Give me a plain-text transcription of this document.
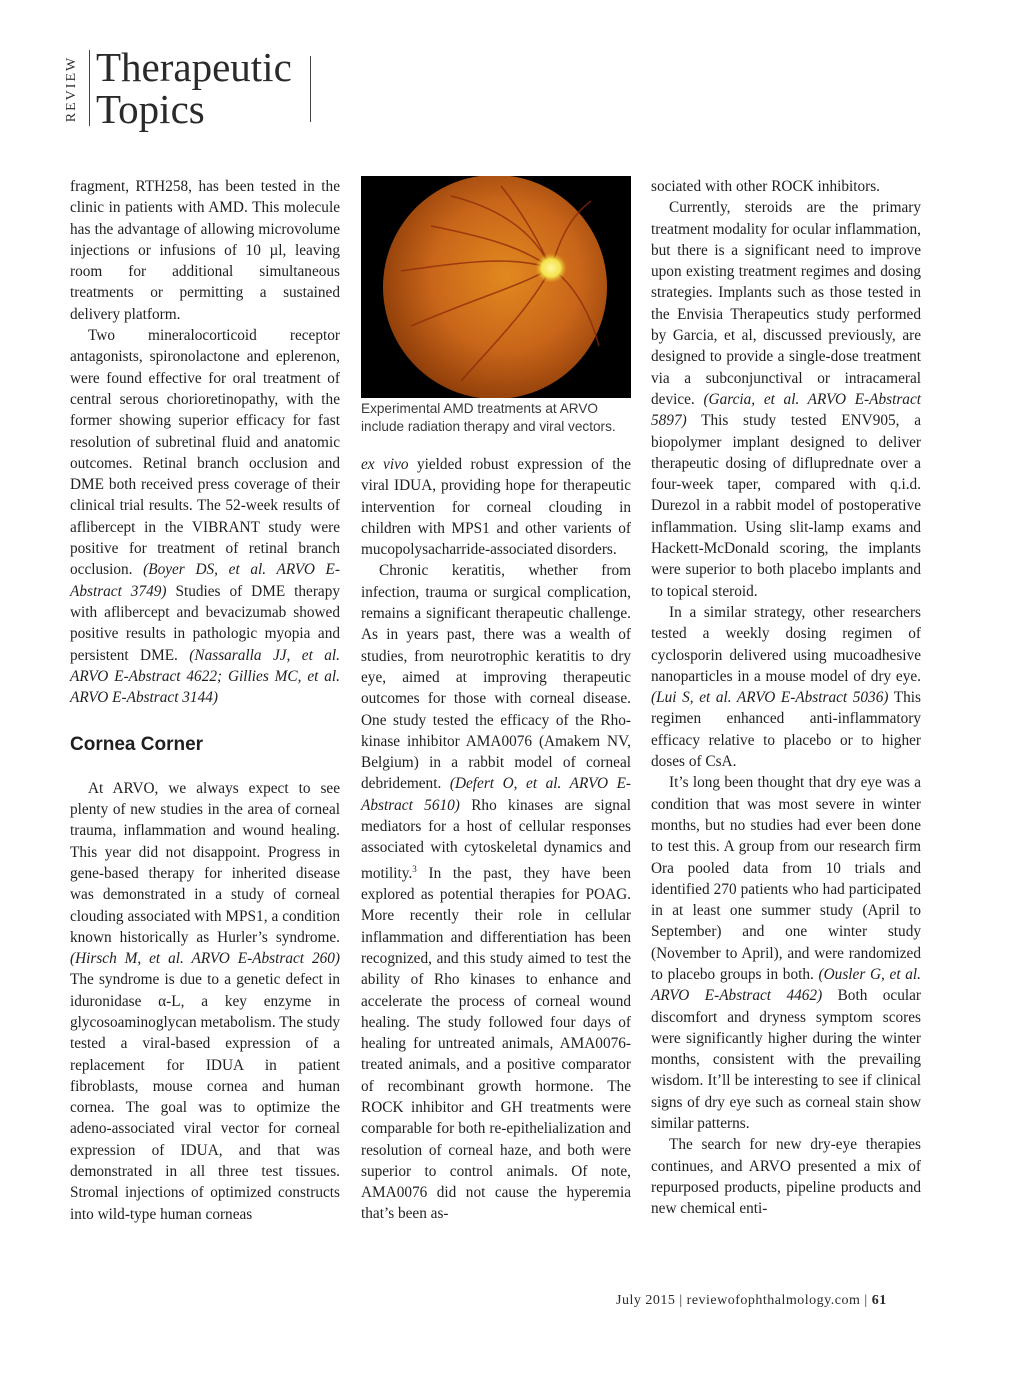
REVIEW Therapeutic
Topics

fragment, RTH258, has been tested in the clinic in patients with AMD. This molecule has the advantage of allowing microvolume injections or infusions of 10 µl, leaving room for additional simultaneous treatments or permitting a sustained delivery platform.

Two mineralocorticoid receptor antagonists, spironolactone and eplerenon, were found effective for oral treatment of central serous chorioretinopathy, with the former showing superior efficacy for fast resolution of subretinal fluid and anatomic outcomes. Retinal branch occlusion and DME both received press coverage of their clinical trial results. The 52-week results of aflibercept in the VIBRANT study were positive for treatment of retinal branch occlusion. (Boyer DS, et al. ARVO E-Abstract 3749) Studies of DME therapy with aflibercept and bevacizumab showed positive results in pathologic myopia and persistent DME. (Nassaralla JJ, et al. ARVO E-Abstract 4622; Gillies MC, et al. ARVO E-Abstract 3144)

Cornea Corner

At ARVO, we always expect to see plenty of new studies in the area of corneal trauma, inflammation and wound healing. This year did not disappoint. Progress in gene-based therapy for inherited disease was demonstrated in a study of corneal clouding associated with MPS1, a condition known historically as Hurler’s syndrome. (Hirsch M, et al. ARVO E-Abstract 260) The syndrome is due to a genetic defect in iduronidase α-L, a key enzyme in glycosoaminoglycan metabolism. The study tested a viral-based expression of a replacement for IDUA in patient fibroblasts, mouse cornea and human cornea. The goal was to optimize the adeno-associated viral vector for corneal expression of IDUA, and that was demonstrated in all three test tissues. Stromal injections of optimized constructs into wild-type human corneas

Experimental AMD treatments at ARVO include radiation therapy and viral vectors.

ex vivo yielded robust expression of the viral IDUA, providing hope for therapeutic intervention for corneal clouding in children with MPS1 and other varients of mucopolysacharride-associated disorders.

Chronic keratitis, whether from infection, trauma or surgical complication, remains a significant therapeutic challenge. As in years past, there was a wealth of studies, from neurotrophic keratitis to dry eye, aimed at improving therapeutic outcomes for those with corneal disease. One study tested the efficacy of the Rho-kinase inhibitor AMA0076 (Amakem NV, Belgium) in a rabbit model of corneal debridement. (Defert O, et al. ARVO E-Abstract 5610) Rho kinases are signal mediators for a host of cellular responses associated with cytoskeletal dynamics and motility.$^3$ In the past, they have been explored as potential therapies for POAG. More recently their role in cellular inflammation and differentiation has been recognized, and this study aimed to test the ability of Rho kinases to enhance and accelerate the process of corneal wound healing. The study followed four days of healing for untreated animals, AMA0076-treated animals, and a positive comparator of recombinant growth hormone. The ROCK inhibitor and GH treatments were comparable for both re-epithelialization and resolution of corneal haze, and both were superior to control animals. Of note, AMA0076 did not cause the hyperemia that’s been as-

sociated with other ROCK inhibitors.

Currently, steroids are the primary treatment modality for ocular inflammation, but there is a significant need to improve upon existing treatment regimes and dosing strategies. Implants such as those tested in the Envisia Therapeutics study performed by Garcia, et al, discussed previously, are designed to provide a single-dose treatment via a subconjunctival or intracameral device. (Garcia, et al. ARVO E-Abstract 5897) This study tested ENV905, a biopolymer implant designed to deliver therapeutic dosing of difluprednate over a four-week taper, compared with q.i.d. Durezol in a rabbit model of postoperative inflammation. Using slit-lamp exams and Hackett-McDonald scoring, the implants were superior to both placebo implants and to topical steroid.

In a similar strategy, other researchers tested a weekly dosing regimen of cyclosporin delivered using mucoadhesive nanoparticles in a mouse model of dry eye. (Lui S, et al. ARVO E-Abstract 5036) This regimen enhanced anti-inflammatory efficacy relative to placebo or to higher doses of CsA.

It’s long been thought that dry eye was a condition that was most severe in winter months, but no studies had ever been done to test this. A group from our research firm Ora pooled data from 10 trials and identified 270 patients who had participated in at least one summer study (April to September) and one winter study (November to April), and were randomized to placebo groups in both. (Ousler G, et al. ARVO E-Abstract 4462) Both ocular discomfort and dryness symptom scores were significantly higher during the winter months, consistent with the prevailing wisdom. It’ll be interesting to see if clinical signs of dry eye such as corneal stain show similar patterns.

The search for new dry-eye therapies continues, and ARVO presented a mix of repurposed products, pipeline products and new chemical enti-

July 2015 | reviewofophthalmology.com | 61
